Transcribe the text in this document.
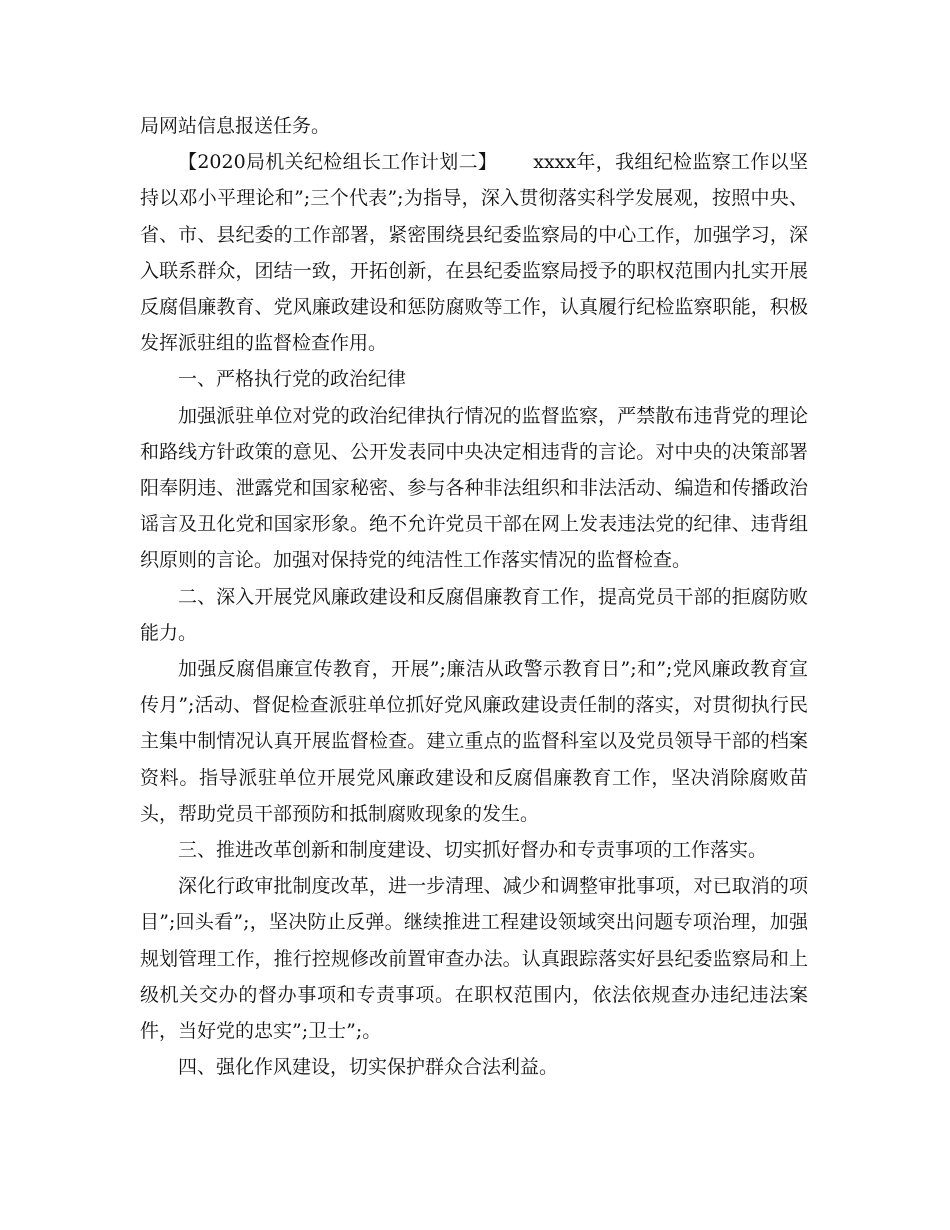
局网站信息报送任务。

【2020局机关纪检组长工作计划二】 xxxx年，我组纪检监察工作以坚持以邓小平理论和”;三个代表”;为指导，深入贯彻落实科学发展观，按照中央、省、市、县纪委的工作部署，紧密围绕县纪委监察局的中心工作，加强学习，深入联系群众，团结一致，开拓创新，在县纪委监察局授予的职权范围内扎实开展反腐倡廉教育、党风廉政建设和惩防腐败等工作，认真履行纪检监察职能，积极发挥派驻组的监督检查作用。

一、严格执行党的政治纪律

加强派驻单位对党的政治纪律执行情况的监督监察，严禁散布违背党的理论和路线方针政策的意见、公开发表同中央决定相违背的言论。对中央的决策部署阳奉阴违、泄露党和国家秘密、参与各种非法组织和非法活动、编造和传播政治谣言及丑化党和国家形象。绝不允许党员干部在网上发表违法党的纪律、违背组织原则的言论。加强对保持党的纯洁性工作落实情况的监督检查。

二、深入开展党风廉政建设和反腐倡廉教育工作，提高党员干部的拒腐防败能力。

加强反腐倡廉宣传教育，开展”;廉洁从政警示教育日”;和”;党风廉政教育宣传月”;活动、督促检查派驻单位抓好党风廉政建设责任制的落实，对贯彻执行民主集中制情况认真开展监督检查。建立重点的监督科室以及党员领导干部的档案资料。指导派驻单位开展党风廉政建设和反腐倡廉教育工作，坚决消除腐败苗头，帮助党员干部预防和抵制腐败现象的发生。

三、推进改革创新和制度建设、切实抓好督办和专责事项的工作落实。

深化行政审批制度改革，进一步清理、减少和调整审批事项，对已取消的项目”;回头看”;，坚决防止反弹。继续推进工程建设领域突出问题专项治理，加强规划管理工作，推行控规修改前置审查办法。认真跟踪落实好县纪委监察局和上级机关交办的督办事项和专责事项。在职权范围内，依法依规查办违纪违法案件，当好党的忠实”;卫士”;。

四、强化作风建设，切实保护群众合法利益。
